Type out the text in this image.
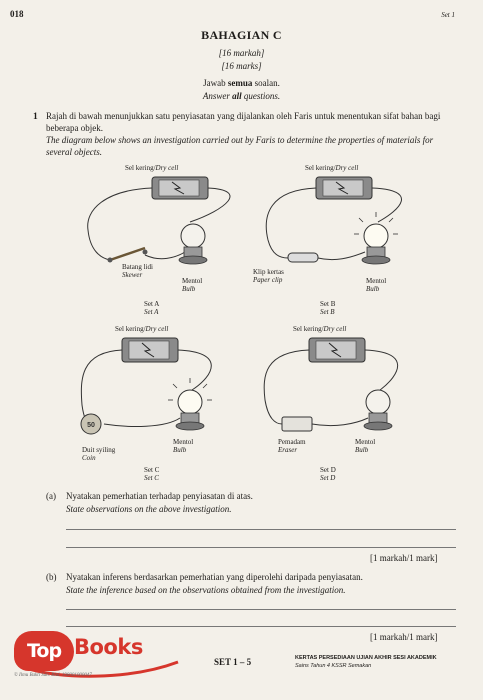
018	Set 1
BAHAGIAN C
[16 markah]
[16 marks]
Jawab semua soalan.
Answer all questions.
1 Rajah di bawah menunjukkan satu penyiasatan yang dijalankan oleh Faris untuk menentukan sifat bahan bagi beberapa objek.
The diagram below shows an investigation carried out by Faris to determine the properties of materials for several objects.
50
Sel kering/Dry cell
Batang lidi
Skewer
Mentol
Bulb
Set A
Set A
Sel kering/Dry cell
Klip kertas
Paper clip	Mentol
Bulb
Set B
Set B
Sel kering/Dry cell
Duit syiling
Coin
Mentol
Bulb
Set C
Set C
Sel kering/Dry cell
Pemadam
Eraser
Mentol
Bulb
Set D
Set D
(a) Nyatakan pemerhatian terhadap penyiasatan di atas.
State observations on the above investigation.
[1 markah/1 mark]
(b) Nyatakan inferens berdasarkan pemerhatian yang diperolehi daripada penyiasatan.
State the inference based on the observations obtained from the investigation.
[1 markah/1 mark]
Top Books
© Ilmu Bakti Sdn. Bhd. 198001000047
SET 1 – 5	KERTAS PERSEDIAAN UJIAN AKHIR SESI AKADEMIK
Sains Tahun 4 KSSR Semakan
